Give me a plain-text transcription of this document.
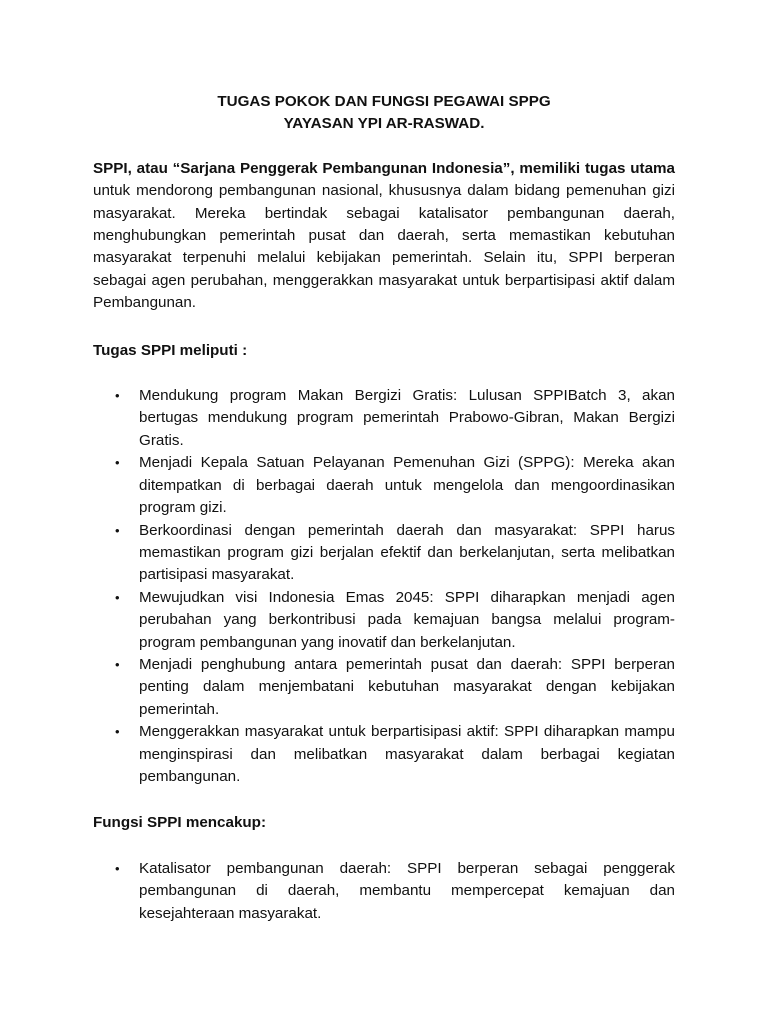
TUGAS POKOK DAN FUNGSI PEGAWAI SPPG

YAYASAN YPI AR-RASWAD.

SPPI, atau “Sarjana Penggerak Pembangunan Indonesia”, memiliki tugas utama untuk mendorong pembangunan nasional, khususnya dalam bidang pemenuhan gizi masyarakat. Mereka bertindak sebagai katalisator pembangunan daerah, menghubungkan pemerintah pusat dan daerah, serta memastikan kebutuhan masyarakat terpenuhi melalui kebijakan pemerintah. Selain itu, SPPI berperan sebagai agen perubahan, menggerakkan masyarakat untuk berpartisipasi aktif dalam Pembangunan.

Tugas SPPI meliputi :

• Mendukung program Makan Bergizi Gratis: Lulusan SPPIBatch 3, akan bertugas mendukung program pemerintah Prabowo-Gibran, Makan Bergizi Gratis.
• Menjadi Kepala Satuan Pelayanan Pemenuhan Gizi (SPPG): Mereka akan ditempatkan di berbagai daerah untuk mengelola dan mengoordinasikan program gizi.
• Berkoordinasi dengan pemerintah daerah dan masyarakat: SPPI harus memastikan program gizi berjalan efektif dan berkelanjutan, serta melibatkan partisipasi masyarakat.
• Mewujudkan visi Indonesia Emas 2045: SPPI diharapkan menjadi agen perubahan yang berkontribusi pada kemajuan bangsa melalui program-program pembangunan yang inovatif dan berkelanjutan.
• Menjadi penghubung antara pemerintah pusat dan daerah: SPPI berperan penting dalam menjembatani kebutuhan masyarakat dengan kebijakan pemerintah.
• Menggerakkan masyarakat untuk berpartisipasi aktif: SPPI diharapkan mampu menginspirasi dan melibatkan masyarakat dalam berbagai kegiatan pembangunan.

Fungsi SPPI mencakup:

• Katalisator pembangunan daerah: SPPI berperan sebagai penggerak pembangunan di daerah, membantu mempercepat kemajuan dan kesejahteraan masyarakat.
